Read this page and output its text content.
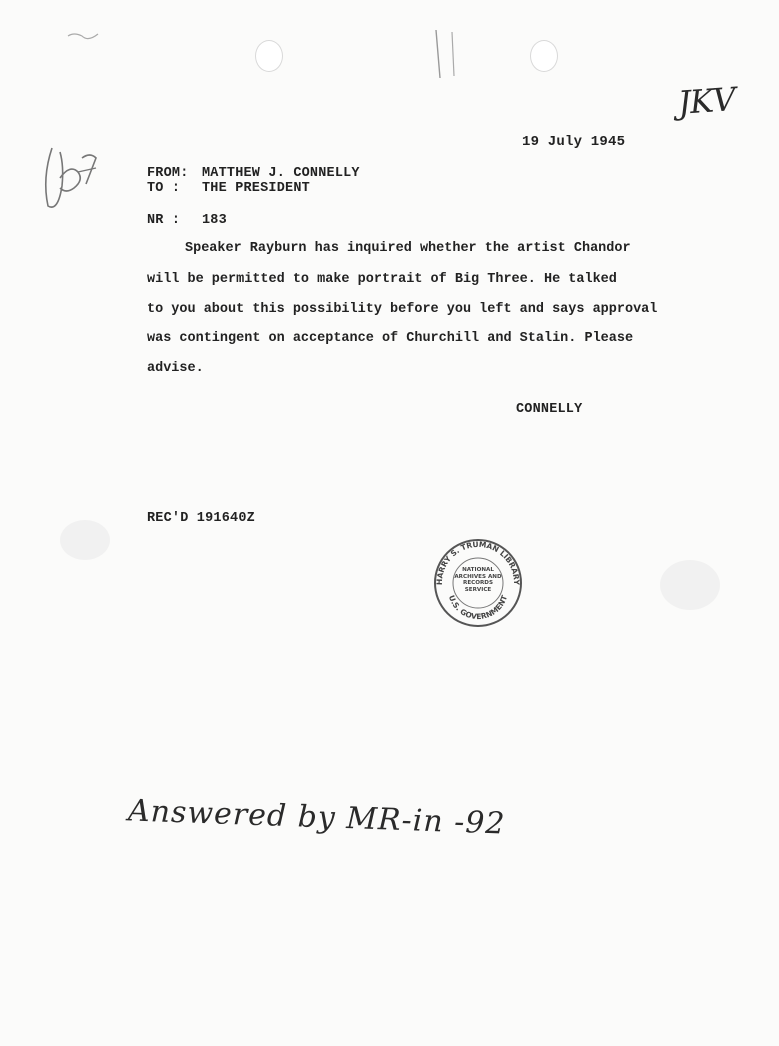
JKV
19 July 1945
FROM: MATTHEW J. CONNELLY
TO : THE PRESIDENT
NR : 183
Speaker Rayburn has inquired whether the artist Chandor
will be permitted to make portrait of Big Three. He talked
to you about this possibility before you left and says approval
was contingent on acceptance of Churchill and Stalin. Please
advise.
CONNELLY
REC'D 191640Z
HARRY S. TRUMAN LIBRARY
U.S. GOVERNMENT
NATIONAL ARCHIVES AND RECORDS SERVICE
Answered by MR-in -92
